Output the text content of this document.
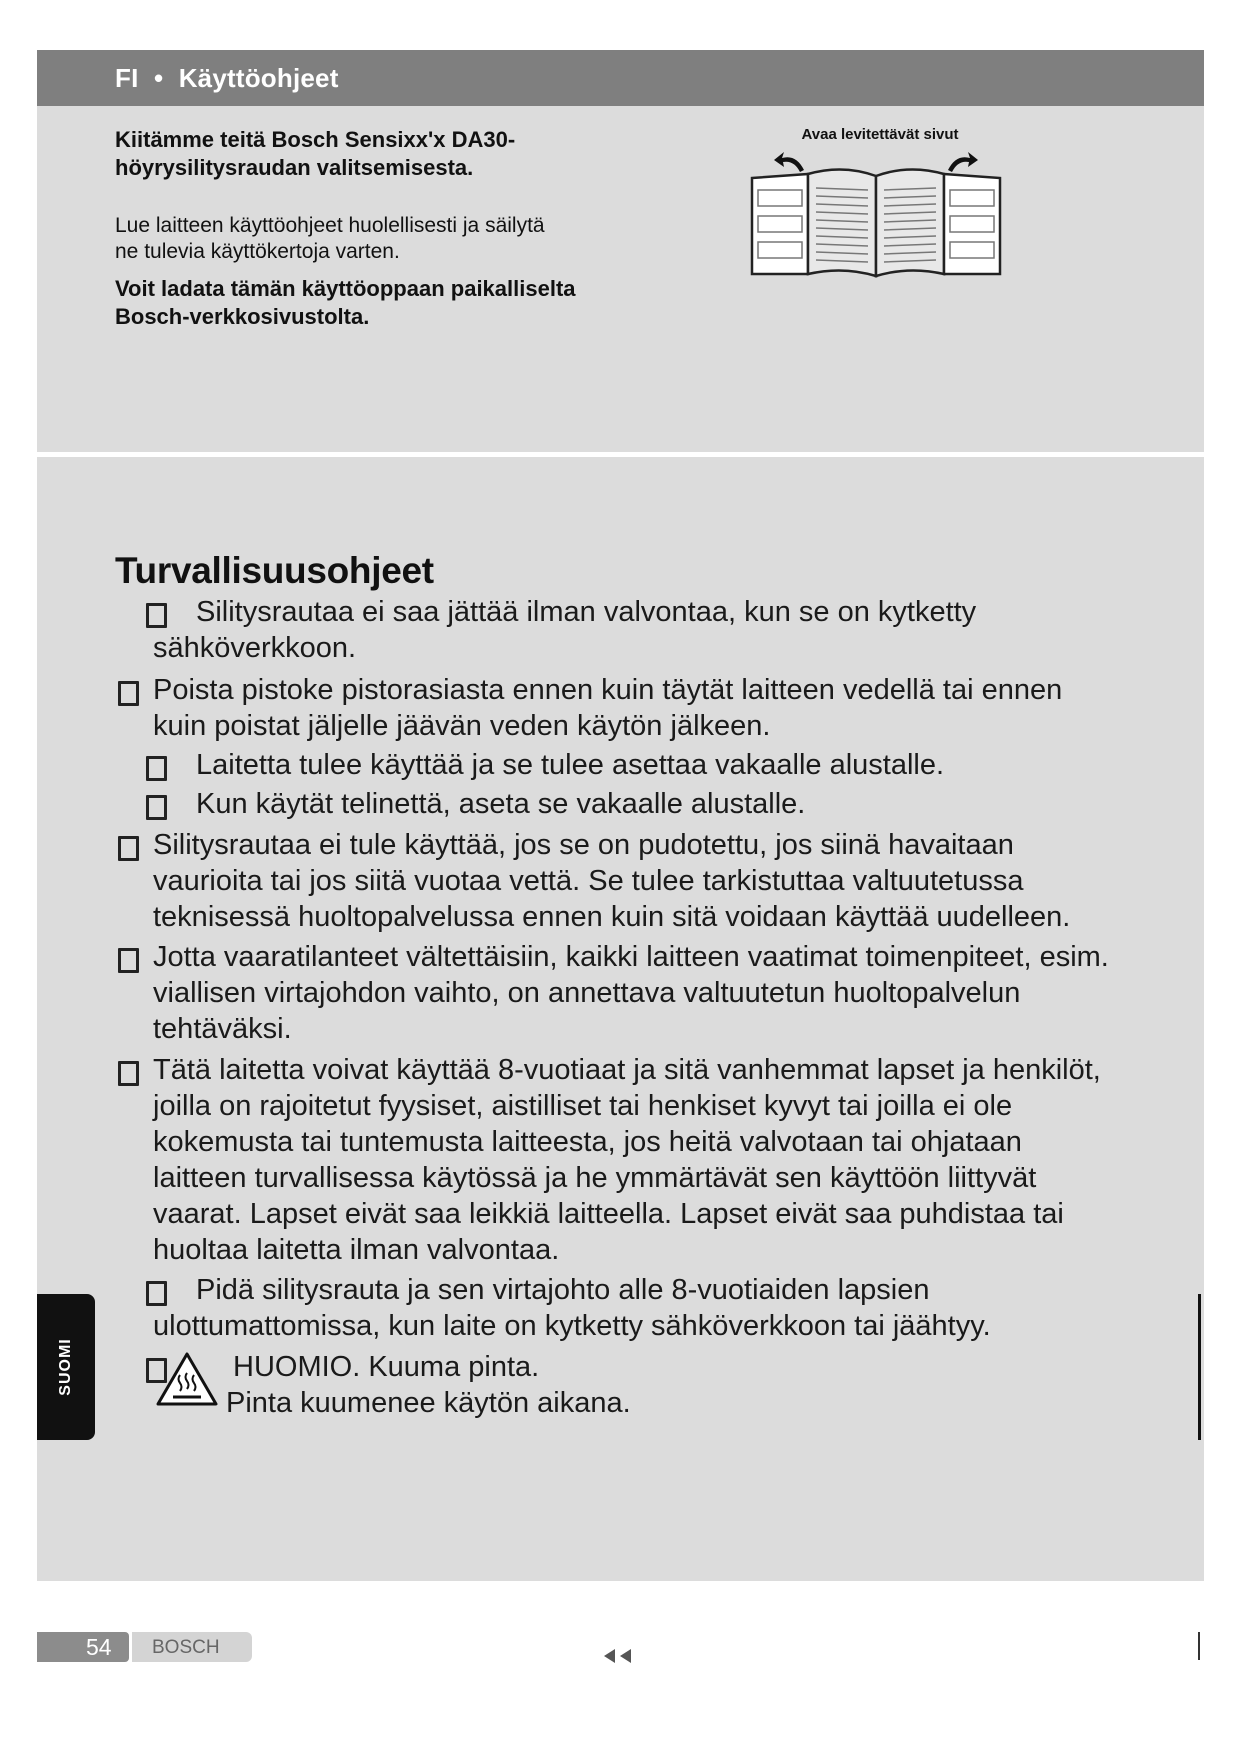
FI • Käyttöohjeet
Kiitämme teitä Bosch Sensixx'x DA30-
höyrysilitysraudan valitsemisesta.
Lue laitteen käyttöohjeet huolellisesti ja säilytä
ne tulevia käyttökertoja varten.
Voit ladata tämän käyttöoppaan paikalliselta
Bosch-verkkosivustolta.
Avaa levitettävät sivut
Turvallisuusohjeet
Silitysrautaa ei saa jättää ilman valvontaa, kun se on kytketty
sähköverkkoon.
Poista pistoke pistorasiasta ennen kuin täytät laitteen vedellä tai ennen
kuin poistat jäljelle jäävän veden käytön jälkeen.
Laitetta tulee käyttää ja se tulee asettaa vakaalle alustalle.
Kun käytät telinettä, aseta se vakaalle alustalle.
Silitysrautaa ei tule käyttää, jos se on pudotettu, jos siinä havaitaan
vaurioita tai jos siitä vuotaa vettä. Se tulee tarkistuttaa valtuutetussa
teknisessä huoltopalvelussa ennen kuin sitä voidaan käyttää uudelleen.
Jotta vaaratilanteet vältettäisiin, kaikki laitteen vaatimat toimenpiteet, esim.
viallisen virtajohdon vaihto, on annettava valtuutetun huoltopalvelun
tehtäväksi.
Tätä laitetta voivat käyttää 8-vuotiaat ja sitä vanhemmat lapset ja henkilöt,
joilla on rajoitetut fyysiset, aistilliset tai henkiset kyvyt tai joilla ei ole
kokemusta tai tuntemusta laitteesta, jos heitä valvotaan tai ohjataan
laitteen turvallisessa käytössä ja he ymmärtävät sen käyttöön liittyvät
vaarat. Lapset eivät saa leikkiä laitteella. Lapset eivät saa puhdistaa tai
huoltaa laitetta ilman valvontaa.
Pidä silitysrauta ja sen virtajohto alle 8-vuotiaiden lapsien
ulottumattomissa, kun laite on kytketty sähköverkkoon tai jäähtyy.
HUOMIO. Kuuma pinta.
Pinta kuumenee käytön aikana.
SUOMI
54 BOSCH
